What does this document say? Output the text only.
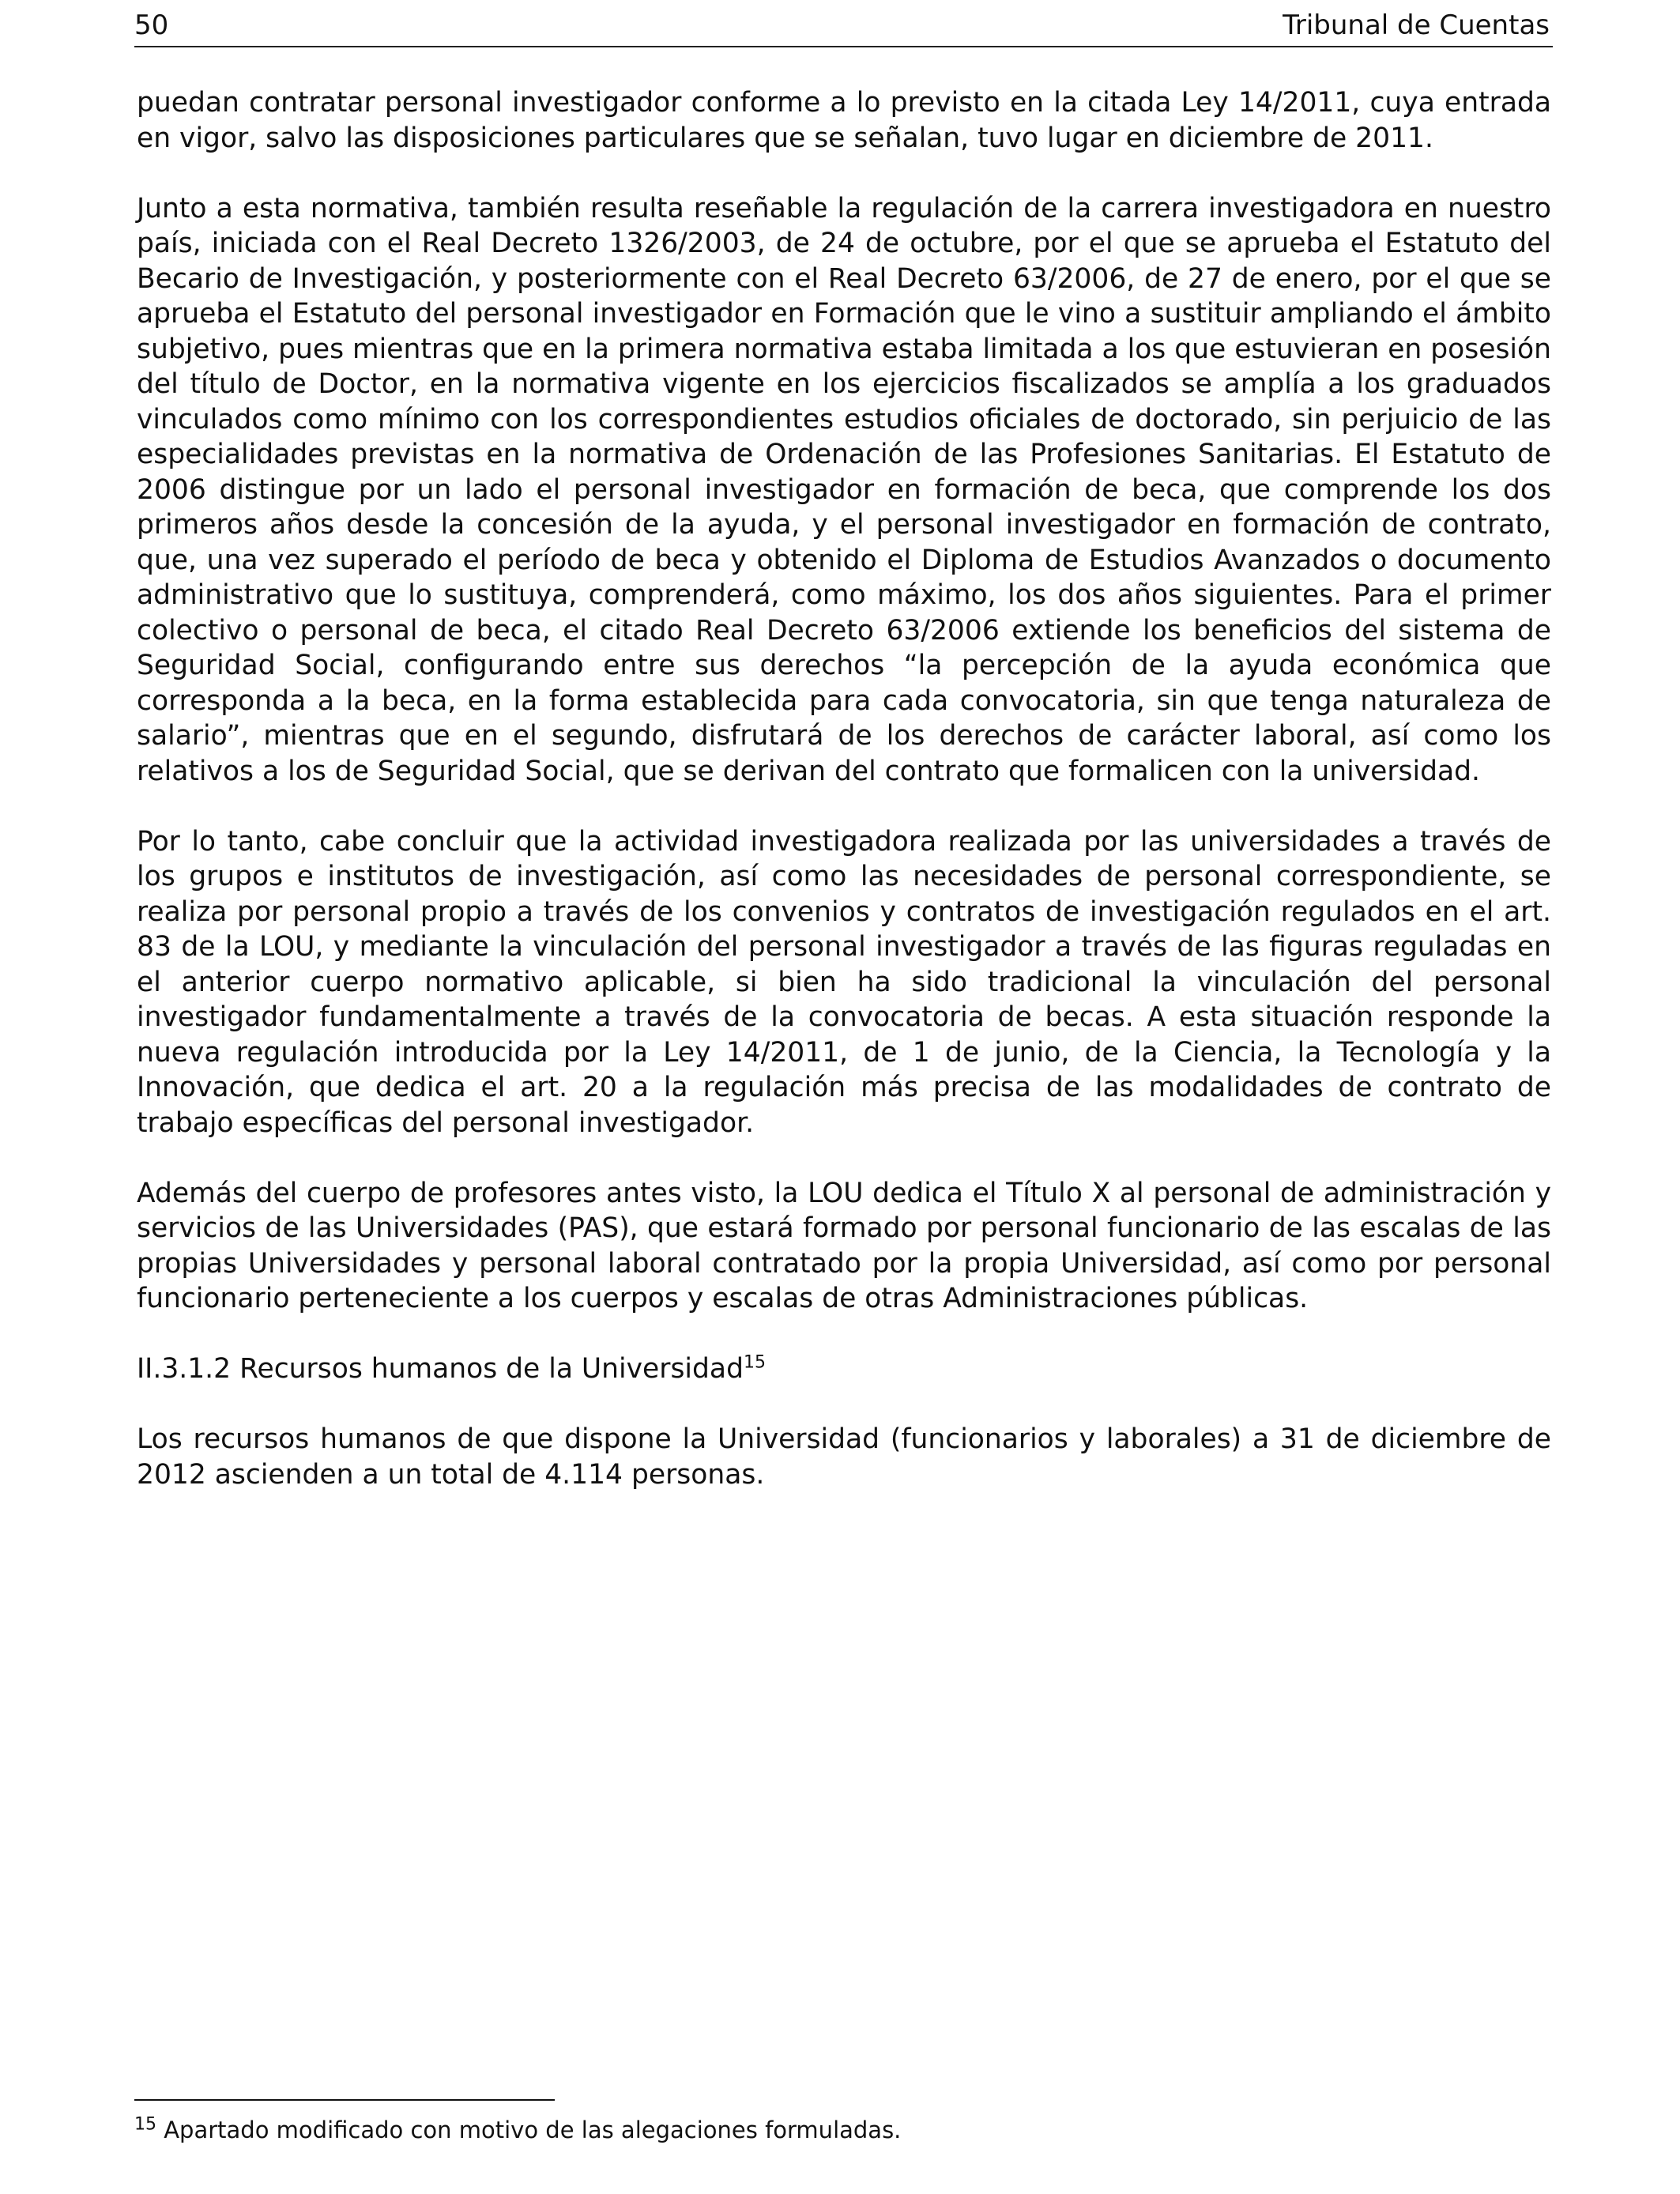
50	Tribunal de Cuentas

puedan contratar personal investigador conforme a lo previsto en la citada Ley 14/2011, cuya entrada en vigor, salvo las disposiciones particulares que se señalan, tuvo lugar en diciembre de 2011.

Junto a esta normativa, también resulta reseñable la regulación de la carrera investigadora en nuestro país, iniciada con el Real Decreto 1326/2003, de 24 de octubre, por el que se aprueba el Estatuto del Becario de Investigación, y posteriormente con el Real Decreto 63/2006, de 27 de enero, por el que se aprueba el Estatuto del personal investigador en Formación que le vino a sustituir ampliando el ámbito subjetivo, pues mientras que en la primera normativa estaba limitada a los que estuvieran en posesión del título de Doctor, en la normativa vigente en los ejercicios fiscalizados se amplía a los graduados vinculados como mínimo con los correspondientes estudios oficiales de doctorado, sin perjuicio de las especialidades previstas en la normativa de Ordenación de las Profesiones Sanitarias. El Estatuto de 2006 distingue por un lado el personal investigador en formación de beca, que comprende los dos primeros años desde la concesión de la ayuda, y el personal investigador en formación de contrato, que, una vez superado el período de beca y obtenido el Diploma de Estudios Avanzados o documento administrativo que lo sustituya, comprenderá, como máximo, los dos años siguientes. Para el primer colectivo o personal de beca, el citado Real Decreto 63/2006 extiende los beneficios del sistema de Seguridad Social, configurando entre sus derechos “la percepción de la ayuda económica que corresponda a la beca, en la forma establecida para cada convocatoria, sin que tenga naturaleza de salario”, mientras que en el segundo, disfrutará de los derechos de carácter laboral, así como los relativos a los de Seguridad Social, que se derivan del contrato que formalicen con la universidad.

Por lo tanto, cabe concluir que la actividad investigadora realizada por las universidades a través de los grupos e institutos de investigación, así como las necesidades de personal correspondiente, se realiza por personal propio a través de los convenios y contratos de investigación regulados en el art. 83 de la LOU, y mediante la vinculación del personal investigador a través de las figuras reguladas en el anterior cuerpo normativo aplicable, si bien ha sido tradicional la vinculación del personal investigador fundamentalmente a través de la convocatoria de becas. A esta situación responde la nueva regulación introducida por la Ley 14/2011, de 1 de junio, de la Ciencia, la Tecnología y la Innovación, que dedica el art. 20 a la regulación más precisa de las modalidades de contrato de trabajo específicas del personal investigador.

Además del cuerpo de profesores antes visto, la LOU dedica el Título X al personal de administración y servicios de las Universidades (PAS), que estará formado por personal funcionario de las escalas de las propias Universidades y personal laboral contratado por la propia Universidad, así como por personal funcionario perteneciente a los cuerpos y escalas de otras Administraciones públicas.

II.3.1.2 Recursos humanos de la Universidad$^{15}$

Los recursos humanos de que dispone la Universidad (funcionarios y laborales) a 31 de diciembre de 2012 ascienden a un total de 4.114 personas.

$^{15}$ Apartado modificado con motivo de las alegaciones formuladas.
